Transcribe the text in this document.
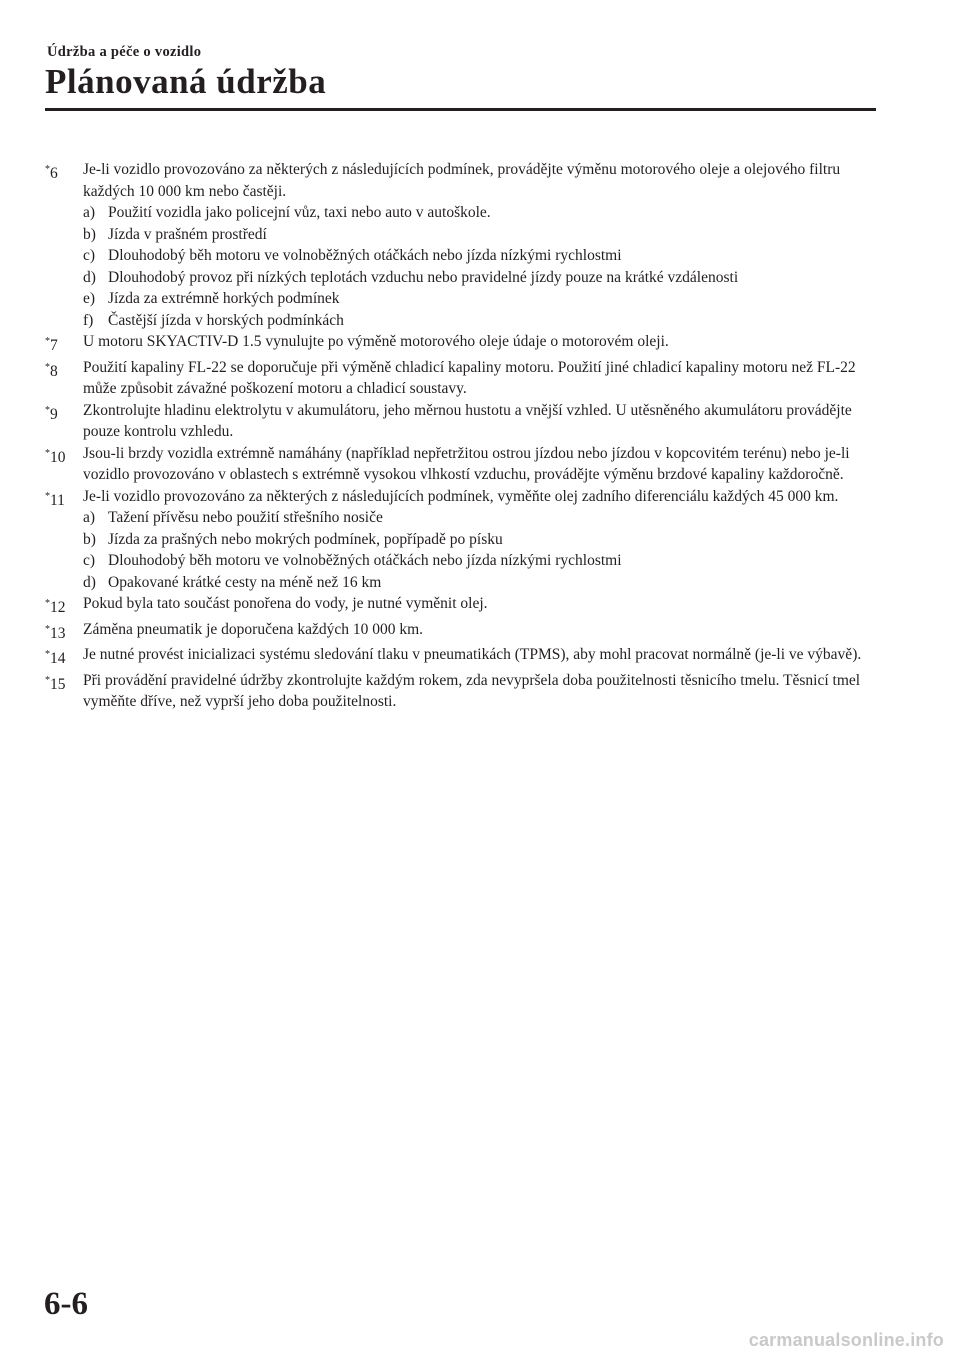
Údržba a péče o vozidlo
Plánovaná údržba
*6	Je-li vozidlo provozováno za některých z následujících podmínek, provádějte výměnu motorového oleje a olejového filtru každých 10 000 km nebo častěji.
a) Použití vozidla jako policejní vůz, taxi nebo auto v autoškole.
b) Jízda v prašném prostředí
c) Dlouhodobý běh motoru ve volnoběžných otáčkách nebo jízda nízkými rychlostmi
d) Dlouhodobý provoz při nízkých teplotách vzduchu nebo pravidelné jízdy pouze na krátké vzdálenosti
e) Jízda za extrémně horkých podmínek
f) Častější jízda v horských podmínkách
*7	U motoru SKYACTIV-D 1.5 vynulujte po výměně motorového oleje údaje o motorovém oleji.
*8	Použití kapaliny FL-22 se doporučuje při výměně chladicí kapaliny motoru. Použití jiné chladicí kapaliny motoru než FL-22 může způsobit závažné poškození motoru a chladicí soustavy.
*9	Zkontrolujte hladinu elektrolytu v akumulátoru, jeho měrnou hustotu a vnější vzhled. U utěsněného akumulátoru provádějte pouze kontrolu vzhledu.
*10	Jsou-li brzdy vozidla extrémně namáhány (například nepřetržitou ostrou jízdou nebo jízdou v kopcovitém terénu) nebo je-li vozidlo provozováno v oblastech s extrémně vysokou vlhkostí vzduchu, provádějte výměnu brzdové kapaliny každoročně.
*11	Je-li vozidlo provozováno za některých z následujících podmínek, vyměňte olej zadního diferenciálu každých 45 000 km.
a) Tažení přívěsu nebo použití střešního nosiče
b) Jízda za prašných nebo mokrých podmínek, popřípadě po písku
c) Dlouhodobý běh motoru ve volnoběžných otáčkách nebo jízda nízkými rychlostmi
d) Opakované krátké cesty na méně než 16 km
*12	Pokud byla tato součást ponořena do vody, je nutné vyměnit olej.
*13	Záměna pneumatik je doporučena každých 10 000 km.
*14	Je nutné provést inicializaci systému sledování tlaku v pneumatikách (TPMS), aby mohl pracovat normálně (je-li ve výbavě).
*15	Při provádění pravidelné údržby zkontrolujte každým rokem, zda nevypršela doba použitelnosti těsnicího tmelu. Těsnicí tmel vyměňte dříve, než vyprší jeho doba použitelnosti.
6-6
carmanualsonline.info
